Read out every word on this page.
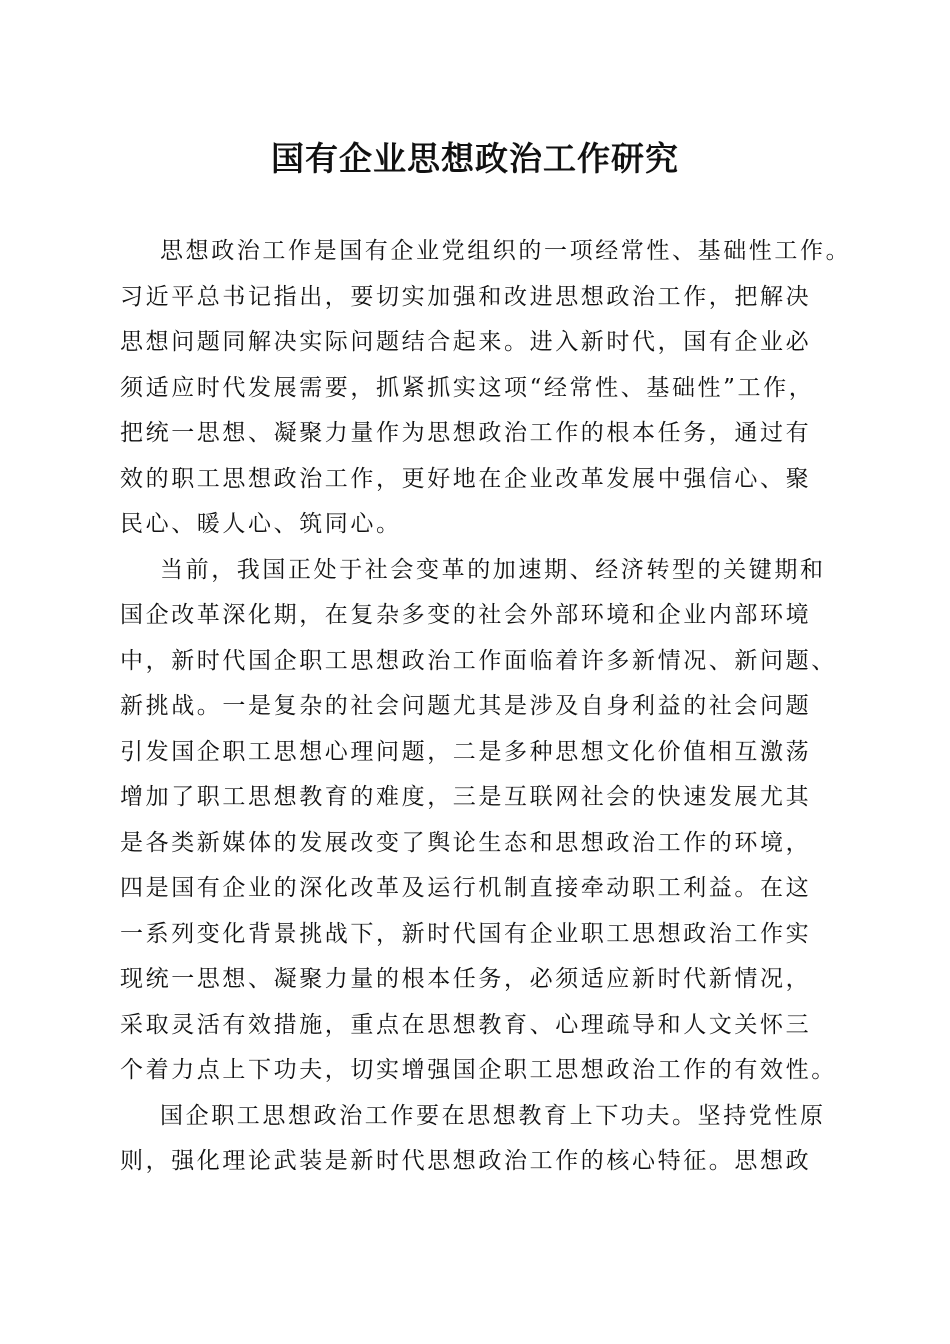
国有企业思想政治工作研究
思想政治工作是国有企业党组织的一项经常性、基础性工作。
习近平总书记指出，要切实加强和改进思想政治工作，把解决
思想问题同解决实际问题结合起来。进入新时代，国有企业必
须适应时代发展需要，抓紧抓实这项“经常性、基础性”工作，
把统一思想、凝聚力量作为思想政治工作的根本任务，通过有
效的职工思想政治工作，更好地在企业改革发展中强信心、聚
民心、暖人心、筑同心。
当前，我国正处于社会变革的加速期、经济转型的关键期和
国企改革深化期，在复杂多变的社会外部环境和企业内部环境
中，新时代国企职工思想政治工作面临着许多新情况、新问题、
新挑战。一是复杂的社会问题尤其是涉及自身利益的社会问题
引发国企职工思想心理问题，二是多种思想文化价值相互激荡
增加了职工思想教育的难度，三是互联网社会的快速发展尤其
是各类新媒体的发展改变了舆论生态和思想政治工作的环境，
四是国有企业的深化改革及运行机制直接牵动职工利益。在这
一系列变化背景挑战下，新时代国有企业职工思想政治工作实
现统一思想、凝聚力量的根本任务，必须适应新时代新情况，
采取灵活有效措施，重点在思想教育、心理疏导和人文关怀三
个着力点上下功夫，切实增强国企职工思想政治工作的有效性。
国企职工思想政治工作要在思想教育上下功夫。坚持党性原
则，强化理论武装是新时代思想政治工作的核心特征。思想政
